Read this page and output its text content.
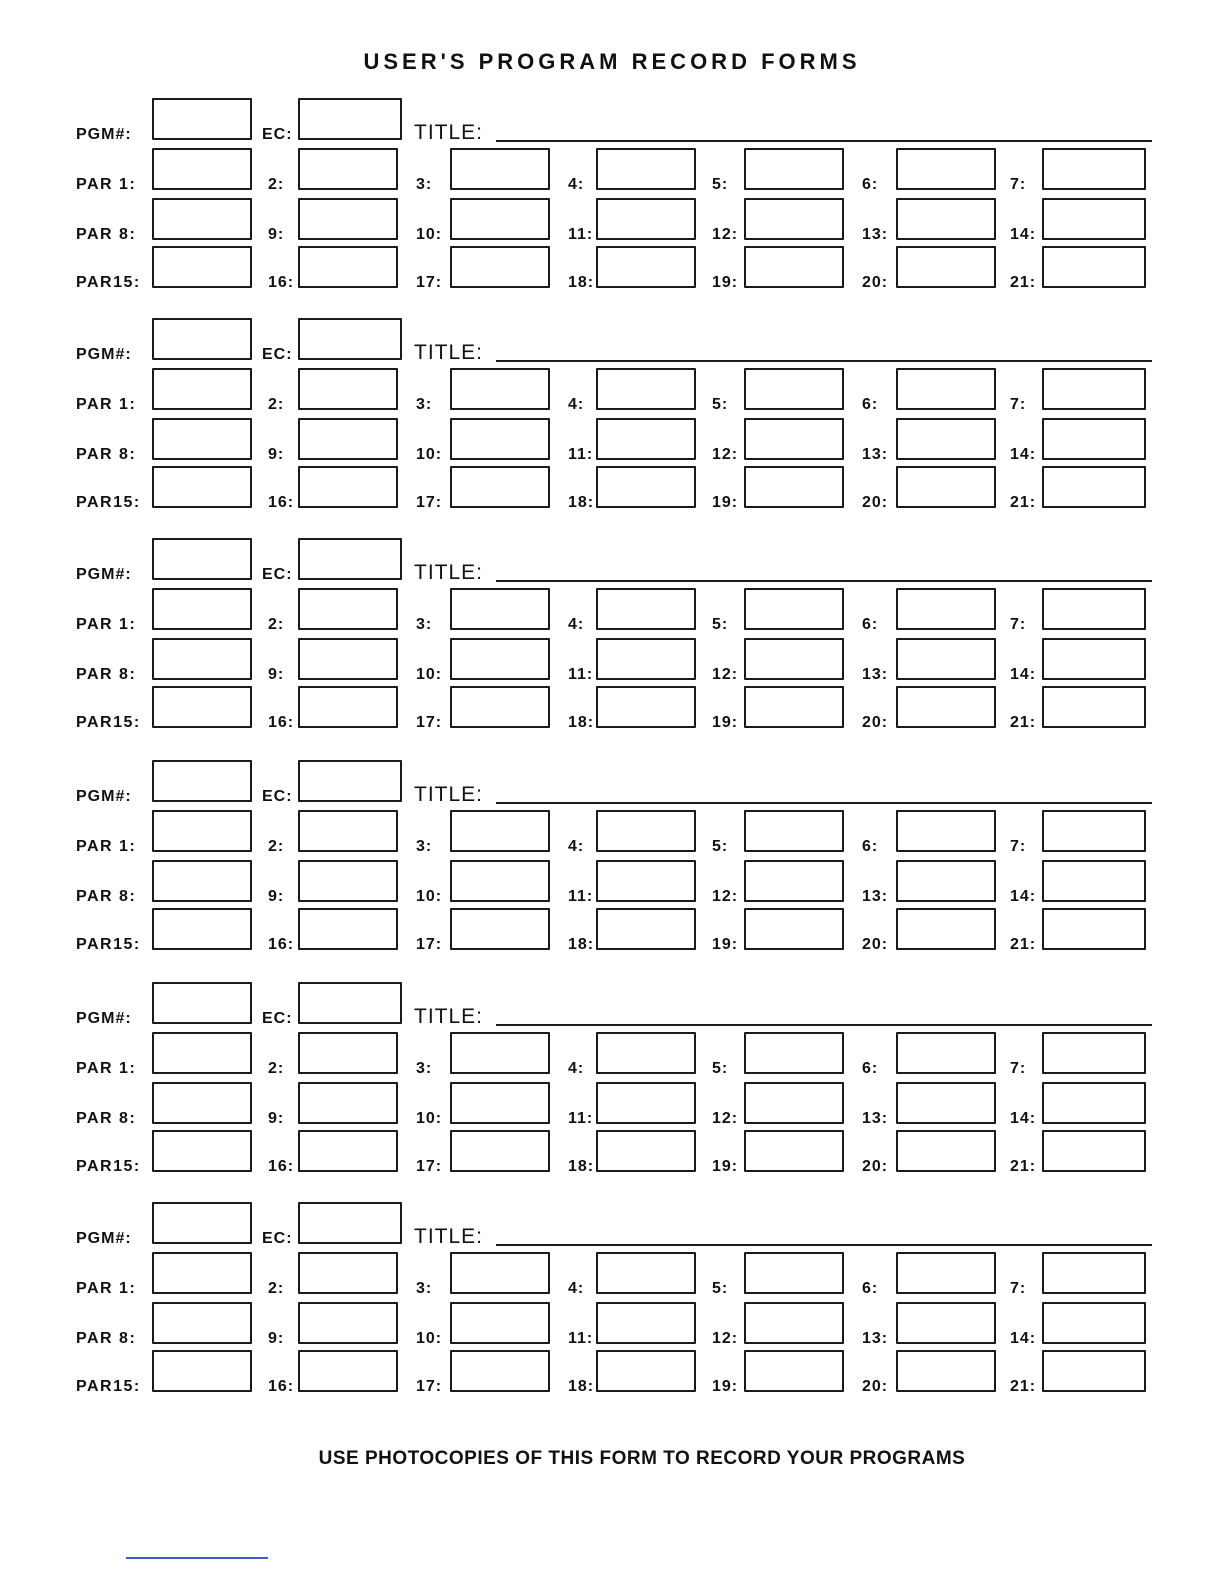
USER'S PROGRAM RECORD FORMS
PGM#:	EC:	TITLE:
PAR 1:	2:	3:	4:	5:	6:	7:
PAR 8:	9:	10:	11:	12:	13:	14:
PAR15:	16:	17:	18:	19:	20:	21:
PGM#:	EC:	TITLE:
PAR 1:	2:	3:	4:	5:	6:	7:
PAR 8:	9:	10:	11:	12:	13:	14:
PAR15:	16:	17:	18:	19:	20:	21:
PGM#:	EC:	TITLE:
PAR 1:	2:	3:	4:	5:	6:	7:
PAR 8:	9:	10:	11:	12:	13:	14:
PAR15:	16:	17:	18:	19:	20:	21:
PGM#:	EC:	TITLE:
PAR 1:	2:	3:	4:	5:	6:	7:
PAR 8:	9:	10:	11:	12:	13:	14:
PAR15:	16:	17:	18:	19:	20:	21:
PGM#:	EC:	TITLE:
PAR 1:	2:	3:	4:	5:	6:	7:
PAR 8:	9:	10:	11:	12:	13:	14:
PAR15:	16:	17:	18:	19:	20:	21:
PGM#:	EC:	TITLE:
PAR 1:	2:	3:	4:	5:	6:	7:
PAR 8:	9:	10:	11:	12:	13:	14:
PAR15:	16:	17:	18:	19:	20:	21:
USE PHOTOCOPIES OF THIS FORM TO RECORD YOUR PROGRAMS
